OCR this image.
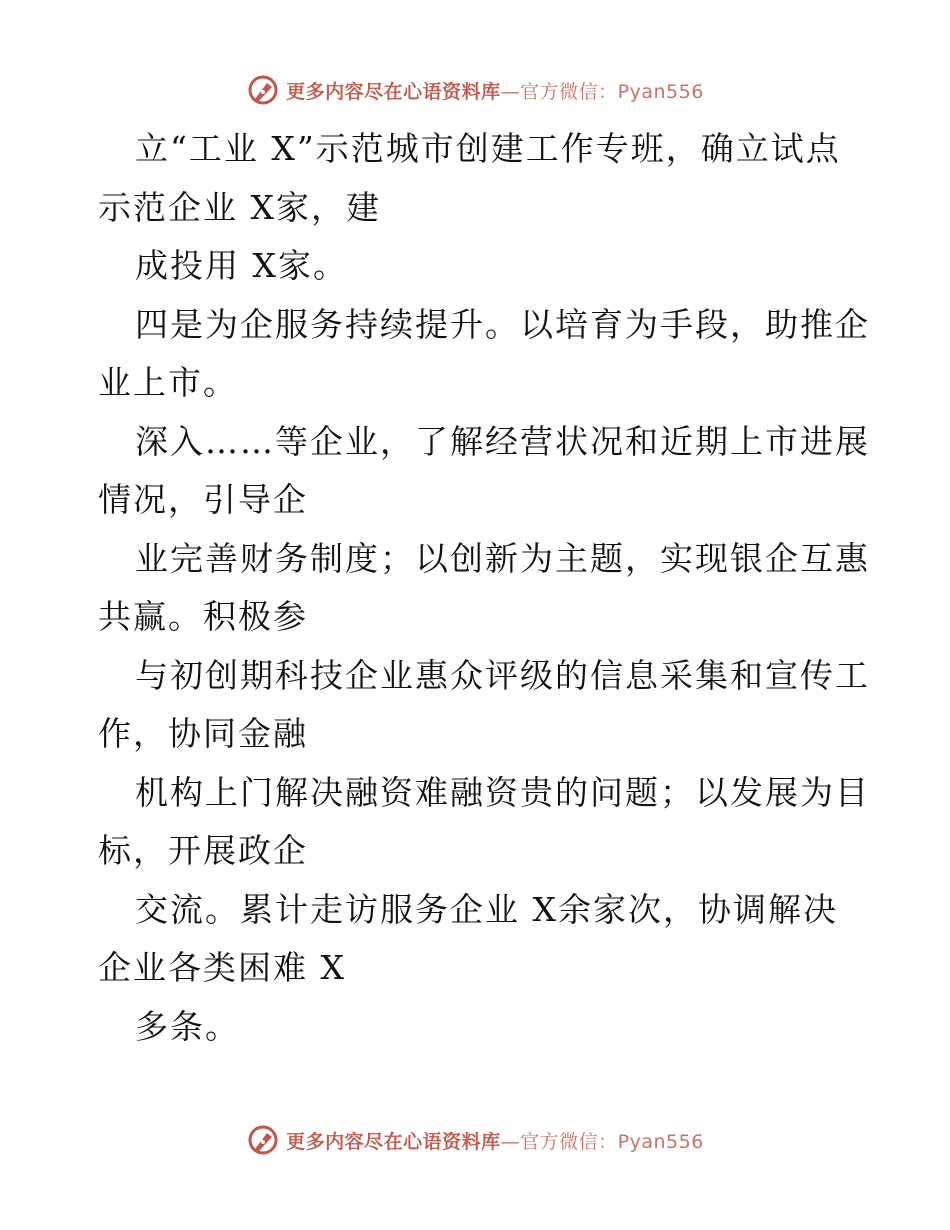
更多内容尽在心语资料库—官方微信：Pyan556
立“工业 X”示范城市创建工作专班，确立试点
示范企业 X家，建
成投用 X家。
四是为企服务持续提升。以培育为手段，助推企
业上市。
深入……等企业，了解经营状况和近期上市进展
情况，引导企
业完善财务制度；以创新为主题，实现银企互惠
共赢。积极参
与初创期科技企业惠众评级的信息采集和宣传工
作，协同金融
机构上门解决融资难融资贵的问题；以发展为目
标，开展政企
交流。累计走访服务企业 X余家次，协调解决
企业各类困难 X
多条。
更多内容尽在心语资料库—官方微信：Pyan556
